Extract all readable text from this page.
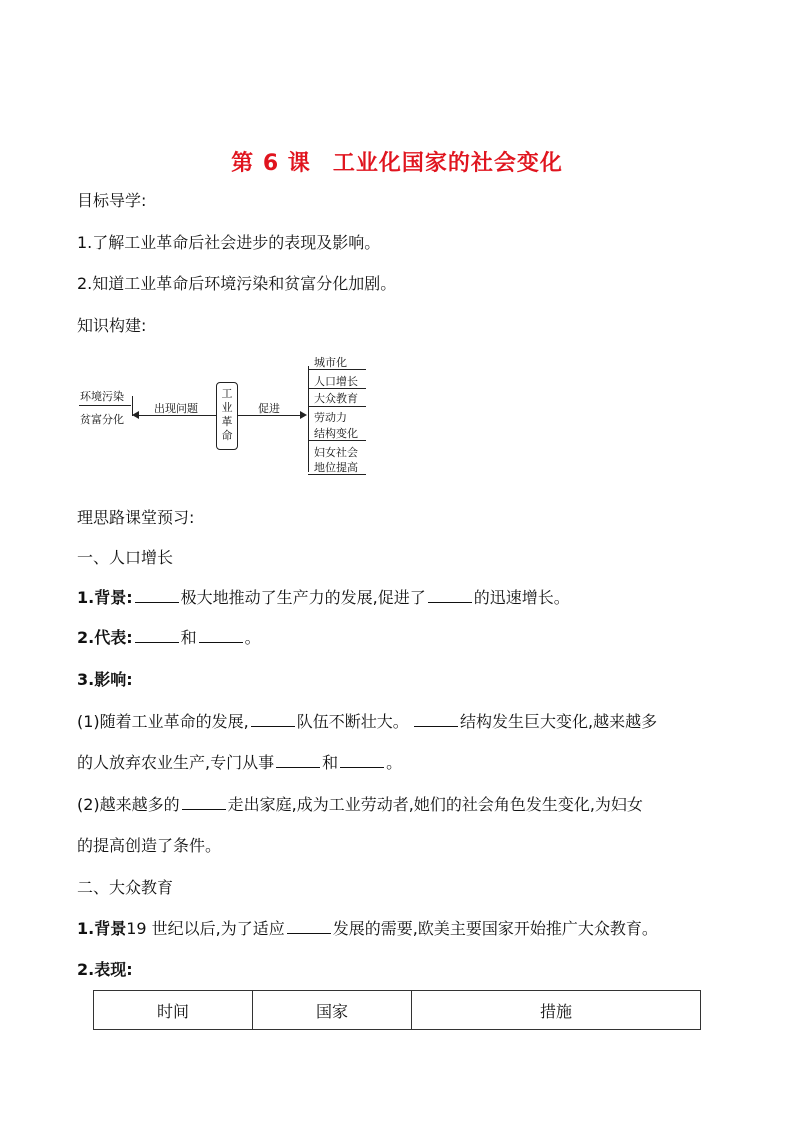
第 6 课 工业化国家的社会变化
目标导学:
1.了解工业革命后社会进步的表现及影响。
2.知道工业革命后环境污染和贫富分化加剧。
知识构建:
环境污染
贫富分化
出现问题
工
业
革
命
促进
城市化
人口增长
大众教育
劳动力
结构变化
妇女社会
地位提高
理思路课堂预习:
一、人口增长
1.背景:	极大地推动了生产力的发展,促进了	的迅速增长。
2.代表:	和	。
3.影响:
(1)随着工业革命的发展,	队伍不断壮大。 	结构发生巨大变化,越来越多
的人放弃农业生产,专门从事	和	。
(2)越来越多的	走出家庭,成为工业劳动者,她们的社会角色发生变化,为妇女
的提高创造了条件。
二、大众教育
1.背景19 世纪以后,为了适应	发展的需要,欧美主要国家开始推广大众教育。
2.表现:
时间	国家	措施
